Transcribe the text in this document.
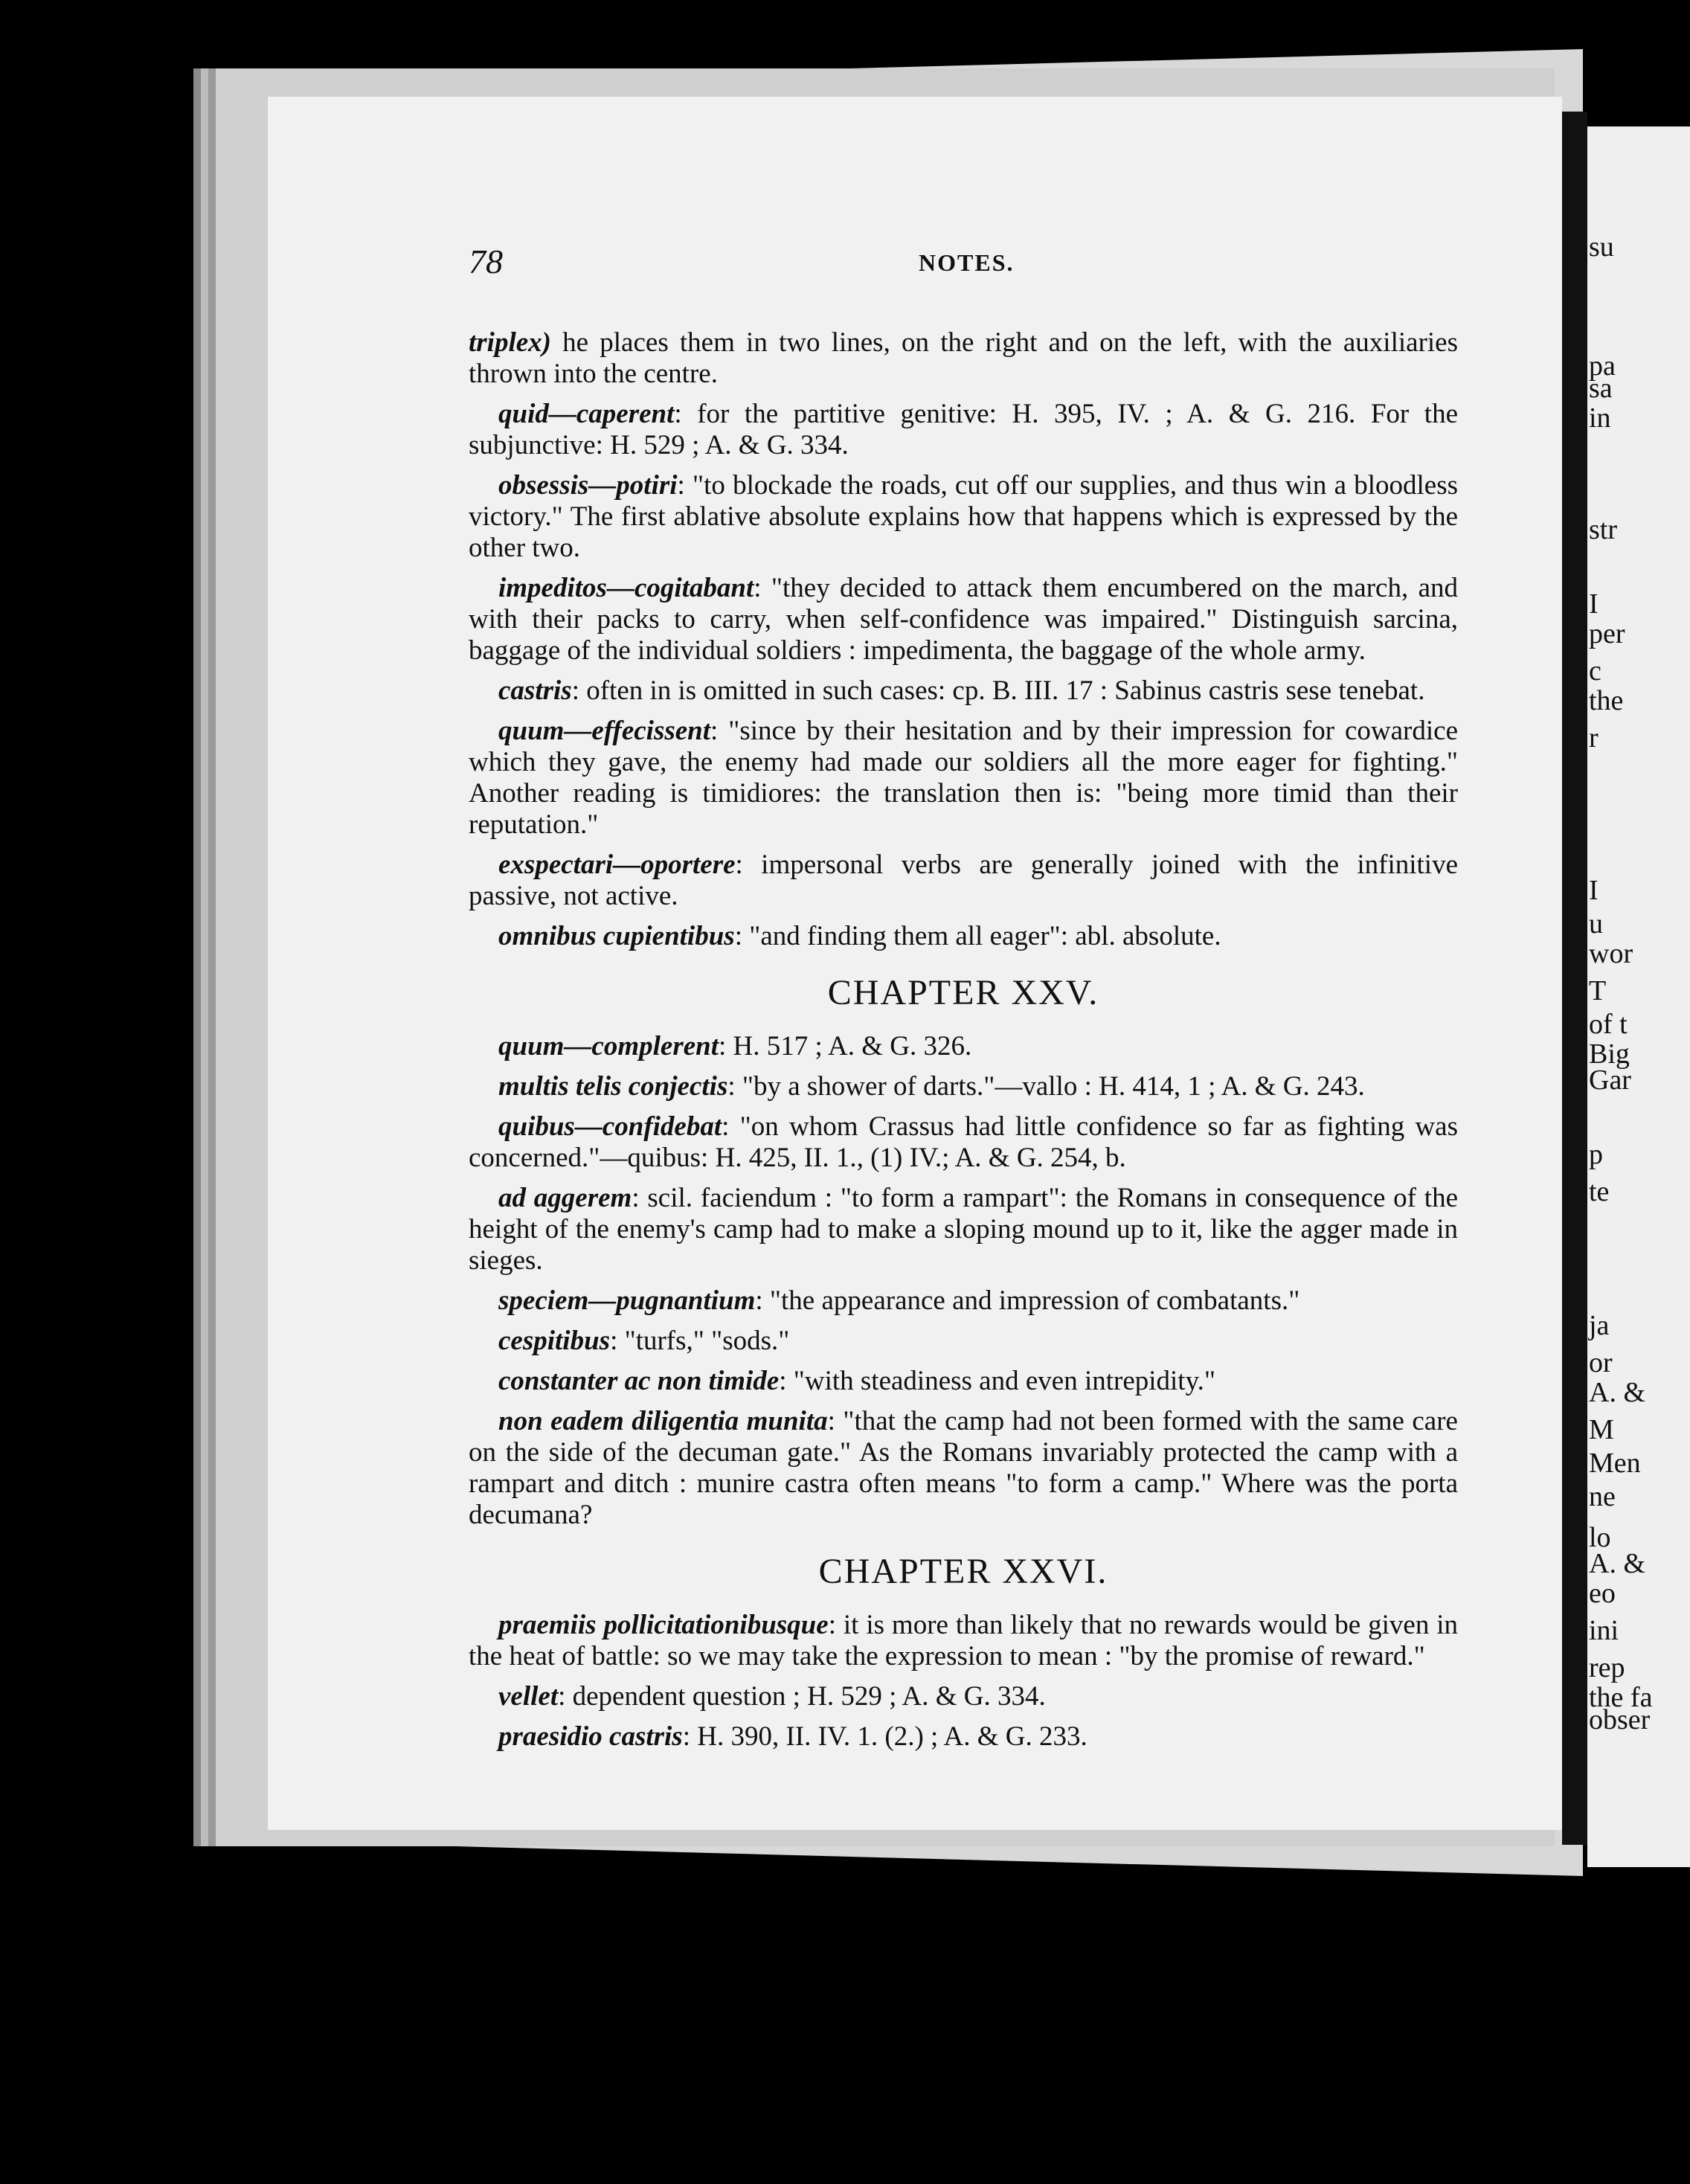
su
pa
sa
in
str
I
per
c
the
r
I
u
wor
T
of t
Big
Gar
p
te
ja
or
A. &
M
Men
ne
lo
A. &
eo
ini
rep
the fa
obser
78	NOTES.

triplex) he places them in two lines, on the right and on the left, with the auxiliaries thrown into the centre.

quid—caperent: for the partitive genitive: H. 395, IV. ; A. & G. 216. For the subjunctive: H. 529 ; A. & G. 334.

obsessis—potiri: "to blockade the roads, cut off our supplies, and thus win a bloodless victory." The first ablative absolute explains how that happens which is expressed by the other two.

impeditos—cogitabant: "they decided to attack them encumbered on the march, and with their packs to carry, when self-confidence was impaired." Distinguish sarcina, baggage of the individual soldiers : impedimenta, the baggage of the whole army.

castris: often in is omitted in such cases: cp. B. III. 17 : Sabinus castris sese tenebat.

quum—effecissent: "since by their hesitation and by their impression for cowardice which they gave, the enemy had made our soldiers all the more eager for fighting." Another reading is timidiores: the translation then is: "being more timid than their reputation."

exspectari—oportere: impersonal verbs are generally joined with the infinitive passive, not active.

omnibus cupientibus: "and finding them all eager": abl. absolute.

CHAPTER XXV.

quum—complerent: H. 517 ; A. & G. 326.

multis telis conjectis: "by a shower of darts."—vallo : H. 414, 1 ; A. & G. 243.

quibus—confidebat: "on whom Crassus had little confidence so far as fighting was concerned."—quibus: H. 425, II. 1., (1) IV.; A. & G. 254, b.

ad aggerem: scil. faciendum : "to form a rampart": the Romans in consequence of the height of the enemy's camp had to make a sloping mound up to it, like the agger made in sieges.

speciem—pugnantium: "the appearance and impression of combatants."

cespitibus: "turfs," "sods."

constanter ac non timide: "with steadiness and even intrepidity."

non eadem diligentia munita: "that the camp had not been formed with the same care on the side of the decuman gate." As the Romans invariably protected the camp with a rampart and ditch : munire castra often means "to form a camp." Where was the porta decumana?

CHAPTER XXVI.

praemiis pollicitationibusque: it is more than likely that no rewards would be given in the heat of battle: so we may take the expression to mean : "by the promise of reward."

vellet: dependent question ; H. 529 ; A. & G. 334.

praesidio castris: H. 390, II. IV. 1. (2.) ; A. & G. 233.
